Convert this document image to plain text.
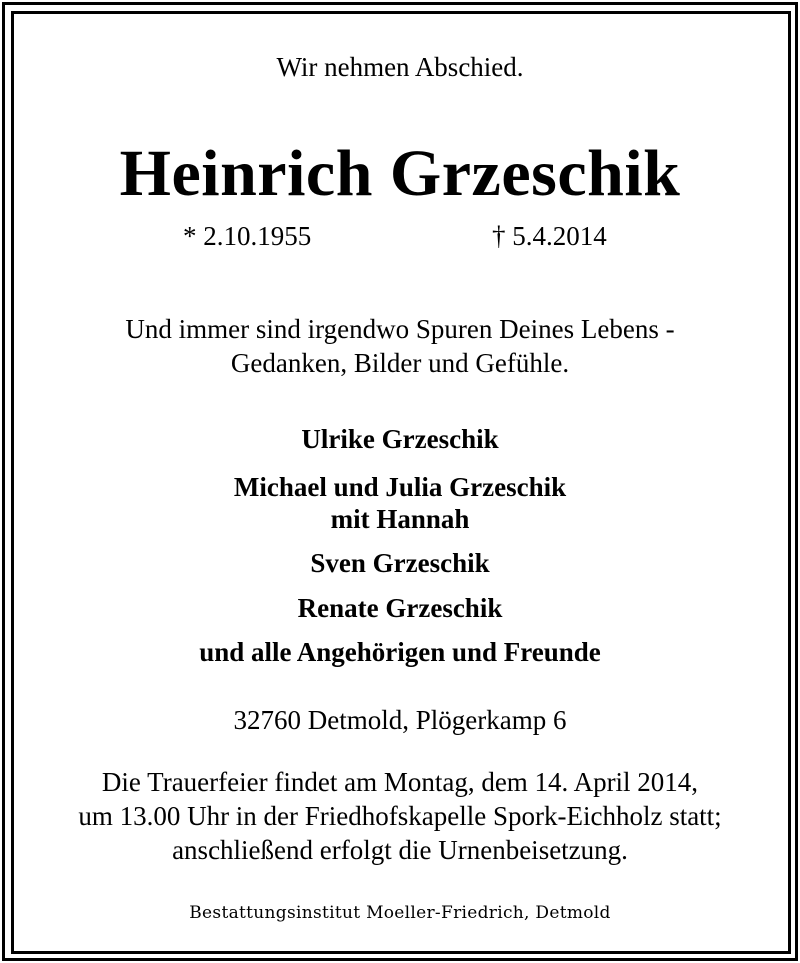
Wir nehmen Abschied.
Heinrich Grzeschik
* 2.10.1955	† 5.4.2014
Und immer sind irgendwo Spuren Deines Lebens -
Gedanken, Bilder und Gefühle.
Ulrike Grzeschik
Michael und Julia Grzeschik
mit Hannah
Sven Grzeschik
Renate Grzeschik
und alle Angehörigen und Freunde
32760 Detmold, Plögerkamp 6
Die Trauerfeier findet am Montag, dem 14. April 2014,
um 13.00 Uhr in der Friedhofskapelle Spork-Eichholz statt;
anschließend erfolgt die Urnenbeisetzung.
Bestattungsinstitut Moeller-Friedrich, Detmold
